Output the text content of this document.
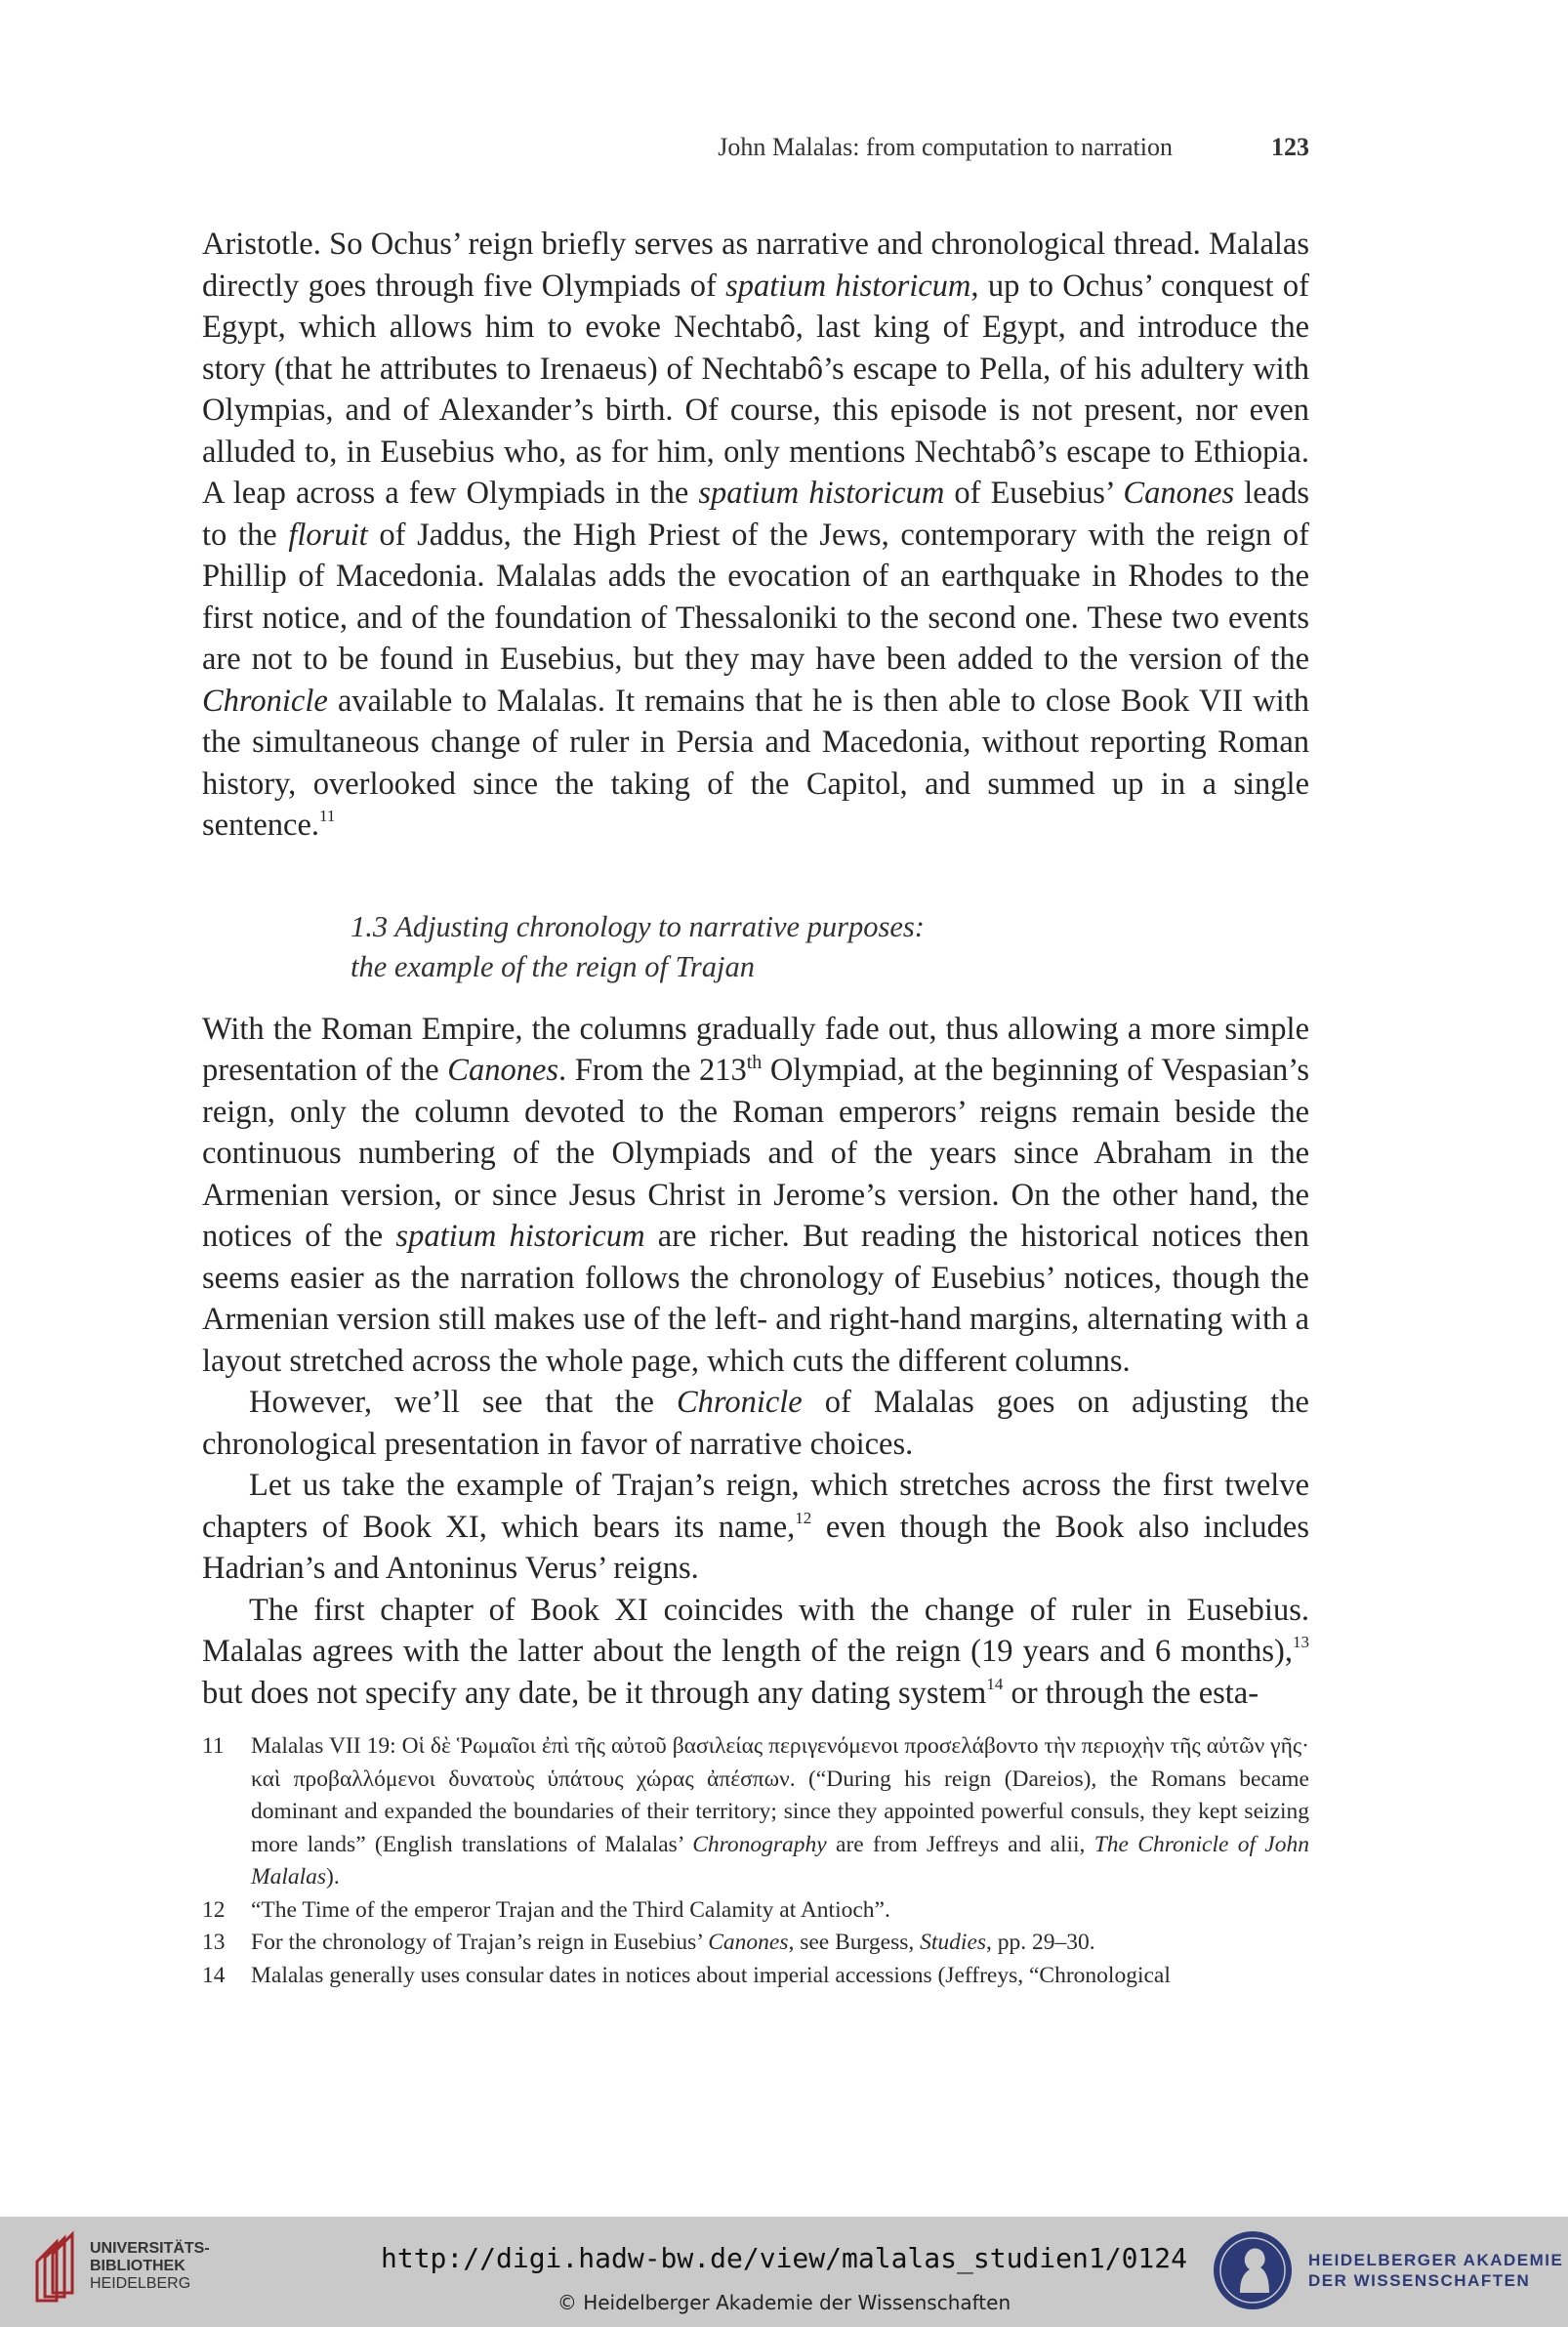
John Malalas: from computation to narration	123

Aristotle. So Ochus’ reign briefly serves as narrative and chronological thread. Malalas directly goes through five Olympiads of spatium historicum, up to Ochus’ conquest of Egypt, which allows him to evoke Nechtabô, last king of Egypt, and introduce the story (that he attributes to Irenaeus) of Nechtabô’s escape to Pella, of his adultery with Olympias, and of Alexander’s birth. Of course, this episode is not present, nor even alluded to, in Eusebius who, as for him, only mentions Nechtabô’s escape to Ethiopia. A leap across a few Olympiads in the spatium historicum of Eusebius’ Canones leads to the floruit of Jaddus, the High Priest of the Jews, contemporary with the reign of Phillip of Macedonia. Malalas adds the evocation of an earthquake in Rhodes to the first notice, and of the foundation of Thessaloniki to the second one. These two events are not to be found in Eusebius, but they may have been added to the version of the Chronicle available to Malalas. It remains that he is then able to close Book VII with the simultaneous change of ruler in Persia and Macedonia, without reporting Roman history, overlooked since the taking of the Capitol, and summed up in a single sentence.$^{11}$

1.3 Adjusting chronology to narrative purposes:
the example of the reign of Trajan

With the Roman Empire, the columns gradually fade out, thus allowing a more simple presentation of the Canones. From the 213th Olympiad, at the beginning of Vespasian’s reign, only the column devoted to the Roman emperors’ reigns remain beside the continuous numbering of the Olympiads and of the years since Abraham in the Armenian version, or since Jesus Christ in Jerome’s version. On the other hand, the notices of the spatium historicum are richer. But reading the historical notices then seems easier as the narration follows the chronology of Eusebius’ notices, though the Armenian version still makes use of the left- and right-hand margins, alternating with a layout stretched across the whole page, which cuts the different columns.

However, we’ll see that the Chronicle of Malalas goes on adjusting the chronological presentation in favor of narrative choices.

Let us take the example of Trajan’s reign, which stretches across the first twelve chapters of Book XI, which bears its name,$^{12}$ even though the Book also includes Hadrian’s and Antoninus Verus’ reigns.

The first chapter of Book XI coincides with the change of ruler in Eusebius. Malalas agrees with the latter about the length of the reign (19 years and 6 months),$^{13}$ but does not specify any date, be it through any dating system$^{14}$ or through the esta-

11	Malalas VII 19: Οἱ δὲ Ῥωμαῖοι ἐπὶ τῆς αὐτοῦ βασιλείας περιγενόμενοι προσελάβοντο τὴν περιοχὴν τῆς αὐτῶν γῆς· καὶ προβαλλόμενοι δυνατοὺς ὑπάτους χώρας ἀπέσπων. (“During his reign (Dareios), the Romans became dominant and expanded the boundaries of their territory; since they appointed powerful consuls, they kept seizing more lands” (English translations of Malalas’ Chronography are from Jeffreys and alii, The Chronicle of John Malalas).
12	“The Time of the emperor Trajan and the Third Calamity at Antioch”.
13	For the chronology of Trajan’s reign in Eusebius’ Canones, see Burgess, Studies, pp. 29–30.
14	Malalas generally uses consular dates in notices about imperial accessions (Jeffreys, “Chronological
UNIVERSITÄTS-
BIBLIOTHEK
HEIDELBERG
http://digi.hadw-bw.de/view/malalas_studien1/0124
© Heidelberger Akademie der Wissenschaften
HEIDELBERGER AKADEMIE
DER WISSENSCHAFTEN
